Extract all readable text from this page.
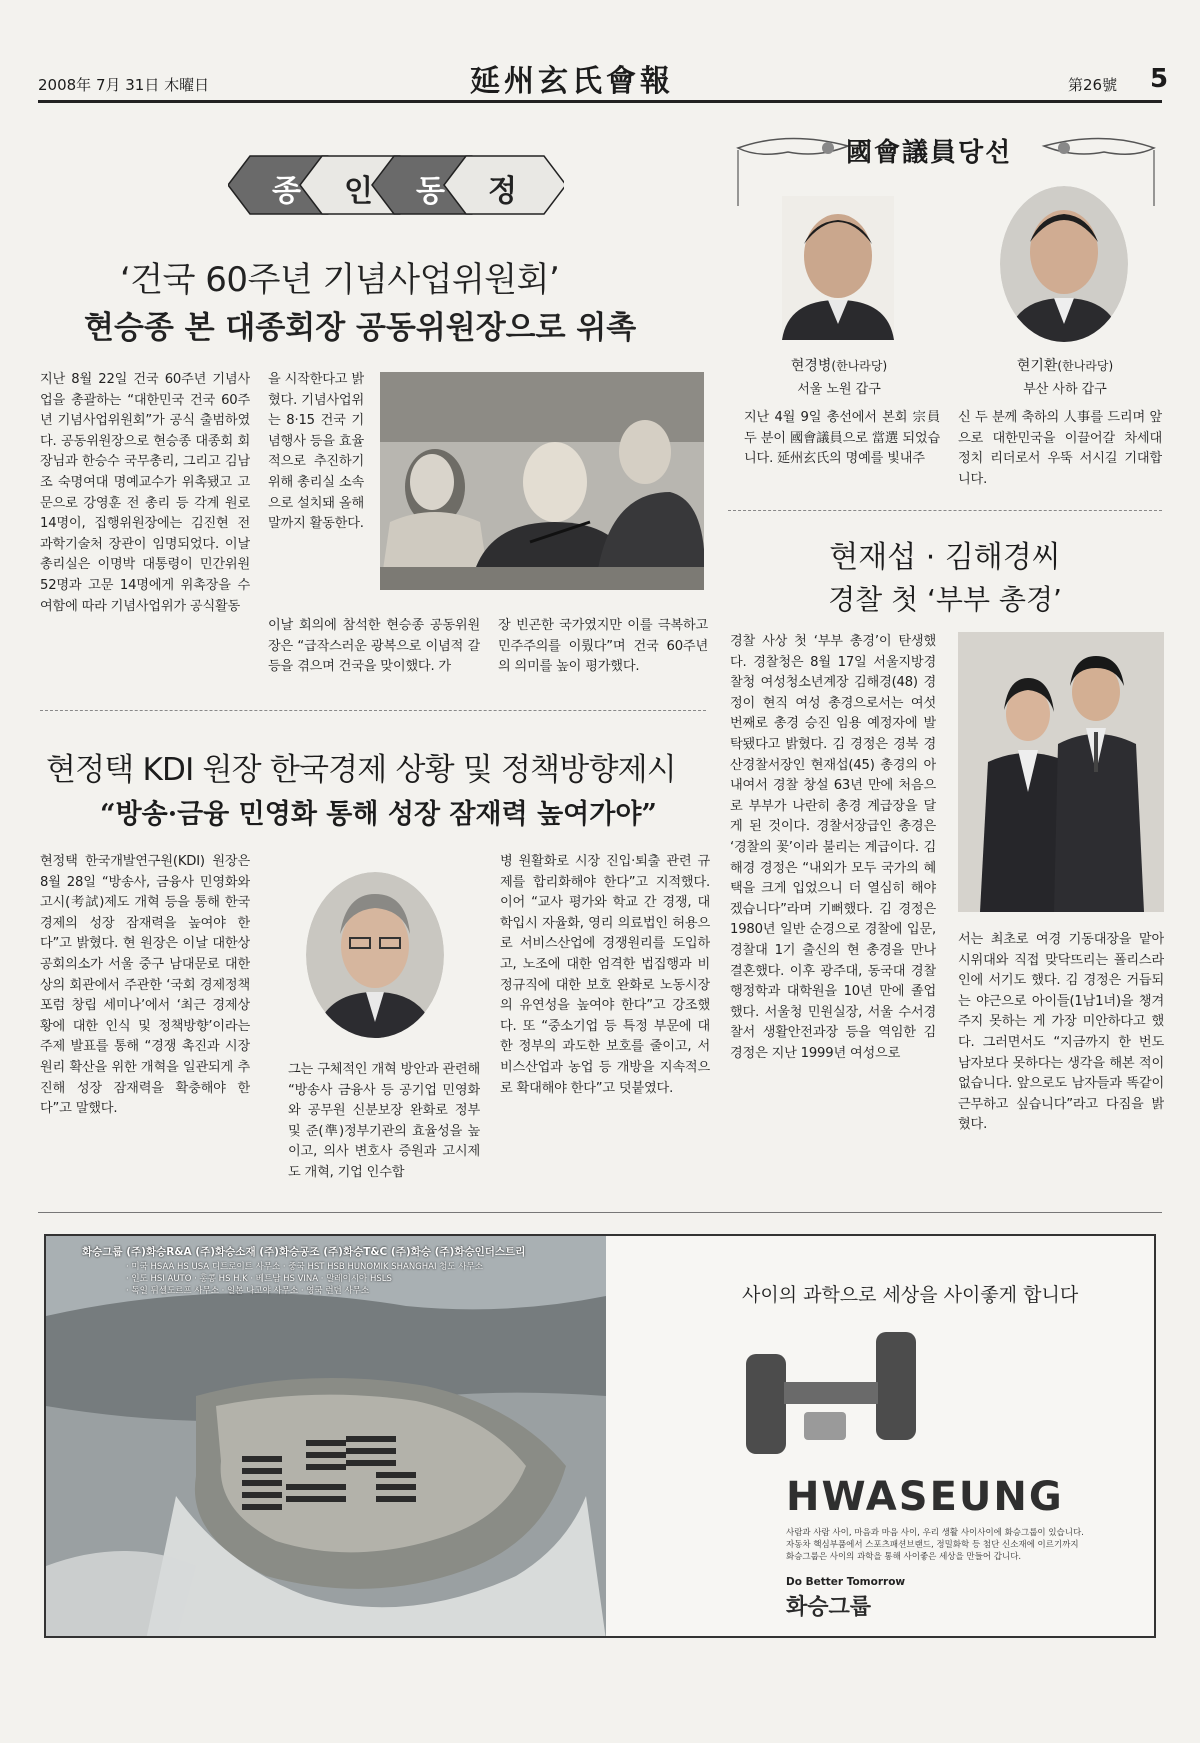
2008年 7月 31日 木曜日	延州玄氏會報	第26號 5
종 인 동 정
‘건국 60주년 기념사업위원회’
현승종 본 대종회장 공동위원장으로 위촉
지난 8월 22일 건국 60주년 기념사업을 총괄하는 “대한민국 건국 60주년 기념사업위원회”가 공식 출범하였다. 공동위원장으로 현승종 대종회 회장님과 한승수 국무총리, 그리고 김남조 숙명여대 명예교수가 위촉됐고 고문으로 강영훈 전 총리 등 각계 원로 14명이, 집행위원장에는 김진현 전 과학기술처 장관이 임명되었다. 이날 총리실은 이명박 대통령이 민간위원 52명과 고문 14명에게 위촉장을 수여함에 따라 기념사업위가 공식활동
을 시작한다고 밝혔다. 기념사업위는 8·15 건국 기념행사 등을 효율적으로 추진하기 위해 총리실 소속으로 설치돼 올해 말까지 활동한다.
이날 회의에 참석한 현승종 공동위원장은 “급작스러운 광복으로 이념적 갈등을 겪으며 건국을 맞이했다. 가
장 빈곤한 국가였지만 이를 극복하고 민주주의를 이뤘다”며 건국 60주년의 의미를 높이 평가했다.
國會議員당선
현경병(한나라당)
서울 노원 갑구
현기환(한나라당)
부산 사하 갑구
지난 4월 9일 총선에서 본회 宗員 두 분이 國會議員으로 當選 되었습니다. 延州玄氏의 명예를 빛내주
신 두 분께 축하의 人事를 드리며 앞으로 대한민국을 이끌어갈 차세대 정치 리더로서 우뚝 서시길 기대합니다.
현재섭 · 김해경씨
경찰 첫 ‘부부 총경’
경찰 사상 첫 ‘부부 총경’이 탄생했다. 경찰청은 8월 17일 서울지방경찰청 여성청소년계장 김해경(48) 경정이 현직 여성 총경으로서는 여섯 번째로 총경 승진 임용 예정자에 발탁됐다고 밝혔다. 김 경정은 경북 경산경찰서장인 현재섭(45) 총경의 아내여서 경찰 창설 63년 만에 처음으로 부부가 나란히 총경 계급장을 달게 된 것이다. 경찰서장급인 총경은 ‘경찰의 꽃’이라 불리는 계급이다. 김해경 경정은 “내외가 모두 국가의 혜택을 크게 입었으니 더 열심히 해야겠습니다”라며 기뻐했다. 김 경정은 1980년 일반 순경으로 경찰에 입문, 경찰대 1기 출신의 현 총경을 만나 결혼했다. 이후 광주대, 동국대 경찰행정학과 대학원을 10년 만에 졸업했다. 서울청 민원실장, 서울 수서경찰서 생활안전과장 등을 역임한 김 경정은 지난 1999년 여성으로
서는 최초로 여경 기동대장을 맡아 시위대와 직접 맞닥뜨리는 폴리스라인에 서기도 했다. 김 경정은 거듭되는 야근으로 아이들(1남1녀)을 챙겨주지 못하는 게 가장 미안하다고 했다. 그러면서도 “지금까지 한 번도 남자보다 못하다는 생각을 해본 적이 없습니다. 앞으로도 남자들과 똑같이 근무하고 싶습니다”라고 다짐을 밝혔다.
현정택 KDI 원장 한국경제 상황 및 정책방향제시
“방송·금융 민영화 통해 성장 잠재력 높여가야”
현정택 한국개발연구원(KDI) 원장은 8월 28일 “방송사, 금융사 민영화와 고시(考試)제도 개혁 등을 통해 한국 경제의 성장 잠재력을 높여야 한다”고 밝혔다. 현 원장은 이날 대한상공회의소가 서울 중구 남대문로 대한상의 회관에서 주관한 ‘국회 경제정책 포럼 창립 세미나’에서 ‘최근 경제상황에 대한 인식 및 정책방향’이라는 주제 발표를 통해 “경쟁 촉진과 시장원리 확산을 위한 개혁을 일관되게 추진해 성장 잠재력을 확충해야 한다”고 말했다.
그는 구체적인 개혁 방안과 관련해 “방송사 금융사 등 공기업 민영화와 공무원 신분보장 완화로 정부 및 준(準)정부기관의 효율성을 높이고, 의사 변호사 증원과 고시제도 개혁, 기업 인수합
병 원활화로 시장 진입·퇴출 관련 규제를 합리화해야 한다”고 지적했다. 이어 “교사 평가와 학교 간 경쟁, 대학입시 자율화, 영리 의료법인 허용으로 서비스산업에 경쟁원리를 도입하고, 노조에 대한 엄격한 법집행과 비정규직에 대한 보호 완화로 노동시장의 유연성을 높여야 한다”고 강조했다. 또 “중소기업 등 특정 부문에 대한 정부의 과도한 보호를 줄이고, 서비스산업과 농업 등 개방을 지속적으로 확대해야 한다”고 덧붙였다.
화승그룹 (주)화승R&A (주)화승소재 (주)화승공조 (주)화승T&C (주)화승 (주)화승인더스트리
· 미국 HSAA HS USA 디트로이트 사무소 · 중국 HST HSB HUNOMIK SHANGHAI 청도 사무소
· 인도 HSI AUTO · 홍콩 HS H.K · 베트남 HS VINA · 말레이시아 HSLS
· 독일 뒤셀도르프 사무소 · 일본 나고야 사무소 · 영국 런던 사무소	사이의 과학으로 세상을 사이좋게 합니다
HWASEUNG
사람과 사람 사이, 마음과 마음 사이, 우리 생활 사이사이에 화승그룹이 있습니다.
자동차 핵심부품에서 스포츠패션브랜드, 정밀화학 등 첨단 신소재에 이르기까지
화승그룹은 사이의 과학을 통해 사이좋은 세상을 만들어 갑니다.
Do Better Tomorrow
화승그룹
